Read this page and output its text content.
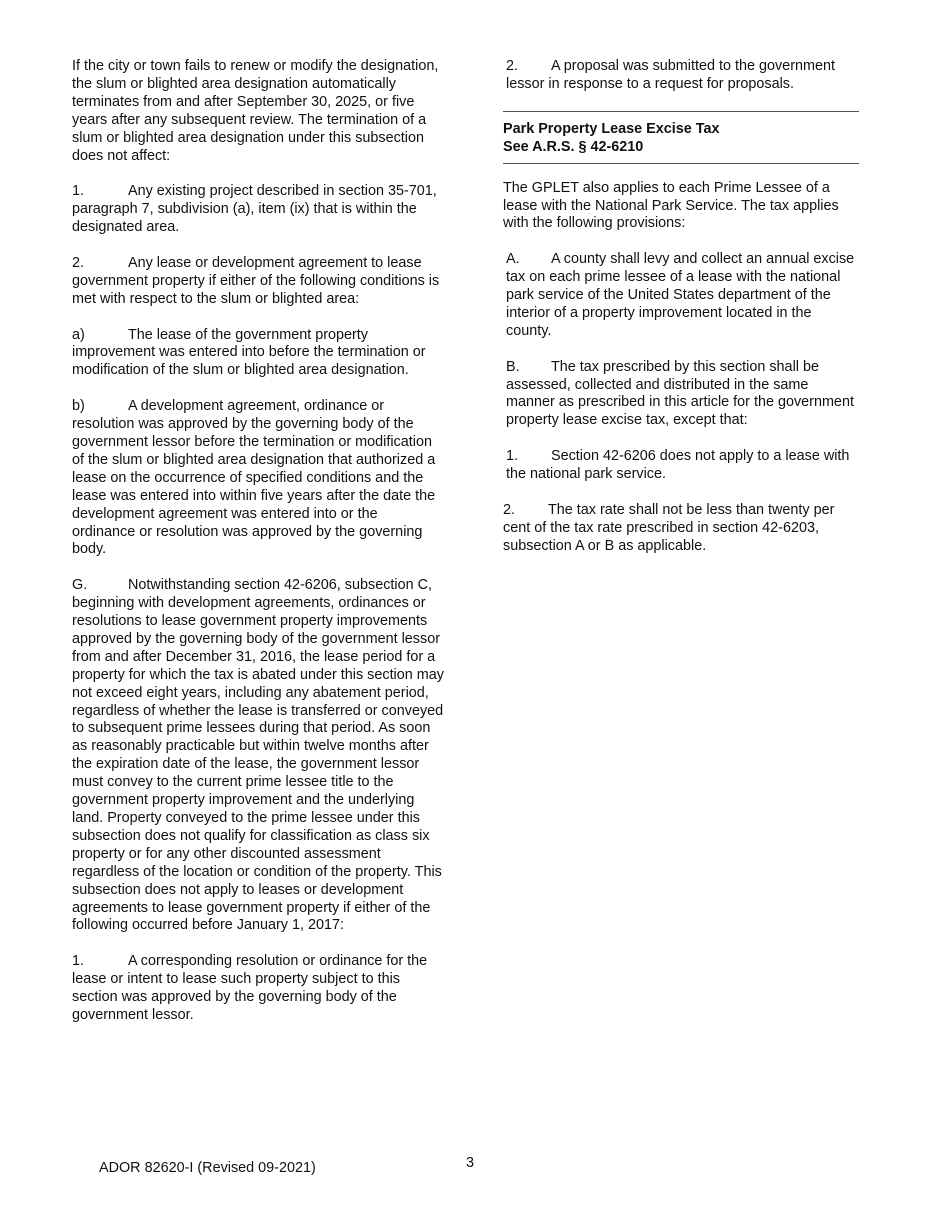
If the city or town fails to renew or modify the designation, the slum or blighted area designation automatically terminates from and after September 30, 2025, or five years after any subsequent review. The termination of a slum or blighted area designation under this subsection does not affect:

1.	Any existing project described in section 35-701, paragraph 7, subdivision (a), item (ix) that is within the designated area.

2.	Any lease or development agreement to lease government property if either of the following conditions is met with respect to the slum or blighted area:

a)	The lease of the government property improvement was entered into before the termination or modification of the slum or blighted area designation.

b)	A development agreement, ordinance or resolution was approved by the governing body of the government lessor before the termination or modification of the slum or blighted area designation that authorized a lease on the occurrence of specified conditions and the lease was entered into within five years after the date the development agreement was entered into or the ordinance or resolution was approved by the governing body.

G.	Notwithstanding section 42-6206, subsection C, beginning with development agreements, ordinances or resolutions to lease government property improvements approved by the governing body of the government lessor from and after December 31, 2016, the lease period for a property for which the tax is abated under this section may not exceed eight years, including any abatement period, regardless of whether the lease is transferred or conveyed to subsequent prime lessees during that period. As soon as reasonably practicable but within twelve months after the expiration date of the lease, the government lessor must convey to the current prime lessee title to the government property improvement and the underlying land. Property conveyed to the prime lessee under this subsection does not qualify for classification as class six property or for any other discounted assessment regardless of the location or condition of the property. This subsection does not apply to leases or development agreements to lease government property if either of the following occurred before January 1, 2017:

1.	A corresponding resolution or ordinance for the lease or intent to lease such property subject to this section was approved by the governing body of the government lessor.

2. A proposal was submitted to the government lessor in response to a request for proposals.

Park Property Lease Excise Tax
See A.R.S. § 42-6210

The GPLET also applies to each Prime Lessee of a lease with the National Park Service. The tax applies with the following provisions:

A. A county shall levy and collect an annual excise tax on each prime lessee of a lease with the national park service of the United States department of the interior of a property improvement located in the county.

B. The tax prescribed by this section shall be assessed, collected and distributed in the same manner as prescribed in this article for the government property lease excise tax, except that:

1. Section 42-6206 does not apply to a lease with the national park service.

2. The tax rate shall not be less than twenty per cent of the tax rate prescribed in section 42-6203, subsection A or B as applicable.

ADOR 82620-I (Revised 09-2021)	3
